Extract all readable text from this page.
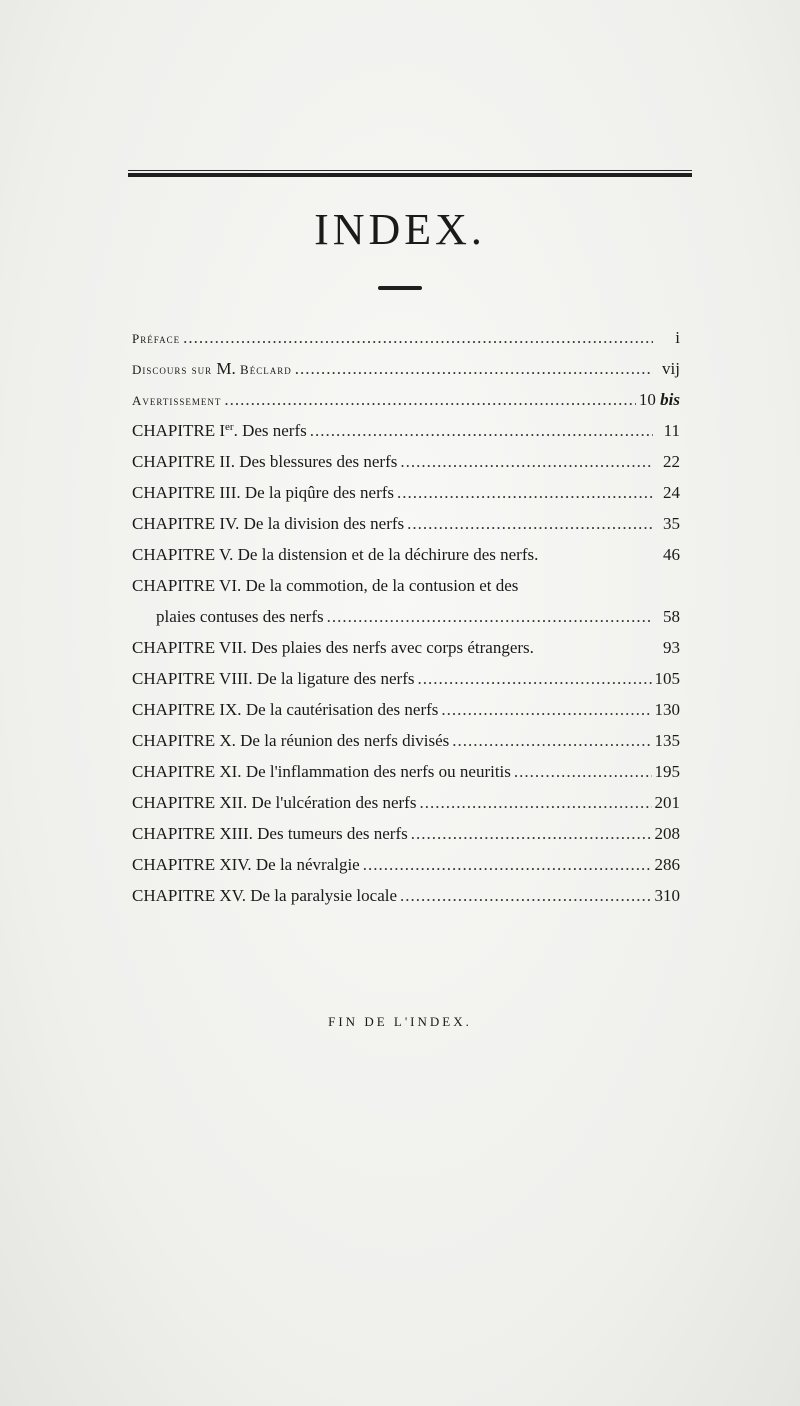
INDEX.
Préface .....	i
Discours sur M. Béclard .....	vij
Avertissement .....	10 bis
CHAPITRE Ier. Des nerfs .....	11
CHAPITRE II. Des blessures des nerfs .....	22
CHAPITRE III. De la piqûre des nerfs .....	24
CHAPITRE IV. De la division des nerfs .....	35
CHAPITRE V. De la distension et de la déchirure des nerfs.	46
CHAPITRE VI. De la commotion, de la contusion et des
plaies contuses des nerfs .....	58
CHAPITRE VII. Des plaies des nerfs avec corps étrangers.	93
CHAPITRE VIII. De la ligature des nerfs .....	105
CHAPITRE IX. De la cautérisation des nerfs .....	130
CHAPITRE X. De la réunion des nerfs divisés .....	135
CHAPITRE XI. De l'inflammation des nerfs ou neuritis .....	195
CHAPITRE XII. De l'ulcération des nerfs .....	201
CHAPITRE XIII. Des tumeurs des nerfs .....	208
CHAPITRE XIV. De la névralgie .....	286
CHAPITRE XV. De la paralysie locale .....	310
FIN DE L'INDEX.
